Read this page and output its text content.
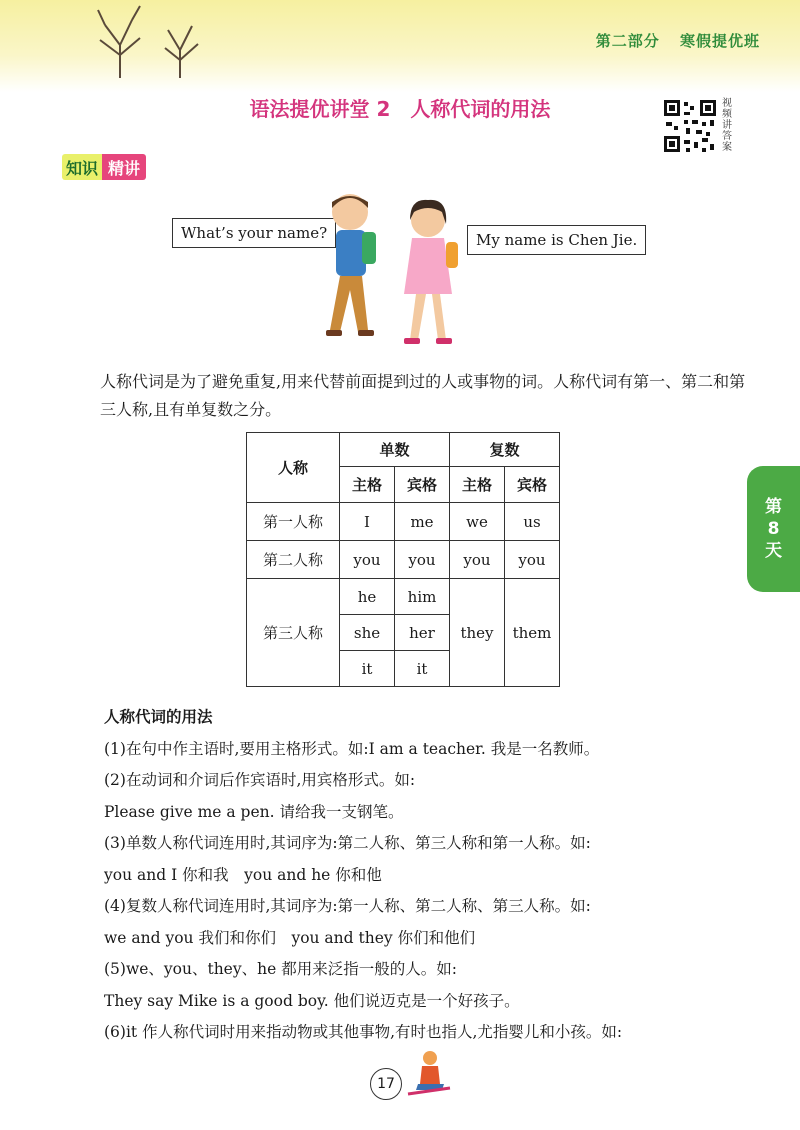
第二部分 寒假提优班
语法提优讲堂 2　人称代词的用法	视频讲答案
知识 精讲
What’s your name?	My name is Chen Jie.
人称代词是为了避免重复,用来代替前面提到过的人或事物的词。人称代词有第一、第二和第三人称,且有单复数之分。
人称	单数		复数	
	主格	宾格	主格	宾格
第一人称	I	me	we	us
第二人称	you	you	you	you
第三人称	he	him	they	them
	she	her		
	it	it		
人称代词的用法
(1)在句中作主语时,要用主格形式。如:I am a teacher. 我是一名教师。
(2)在动词和介词后作宾语时,用宾格形式。如:
Please give me a pen. 请给我一支钢笔。
(3)单数人称代词连用时,其词序为:第二人称、第三人称和第一人称。如:
you and I 你和我　you and he 你和他
(4)复数人称代词连用时,其词序为:第一人称、第二人称、第三人称。如:
we and you 我们和你们　you and they 你们和他们
(5)we、you、they、he 都用来泛指一般的人。如:
They say Mike is a good boy. 他们说迈克是一个好孩子。
(6)it 作人称代词时用来指动物或其他事物,有时也指人,尤指婴儿和小孩。如:
第
8
天
17
